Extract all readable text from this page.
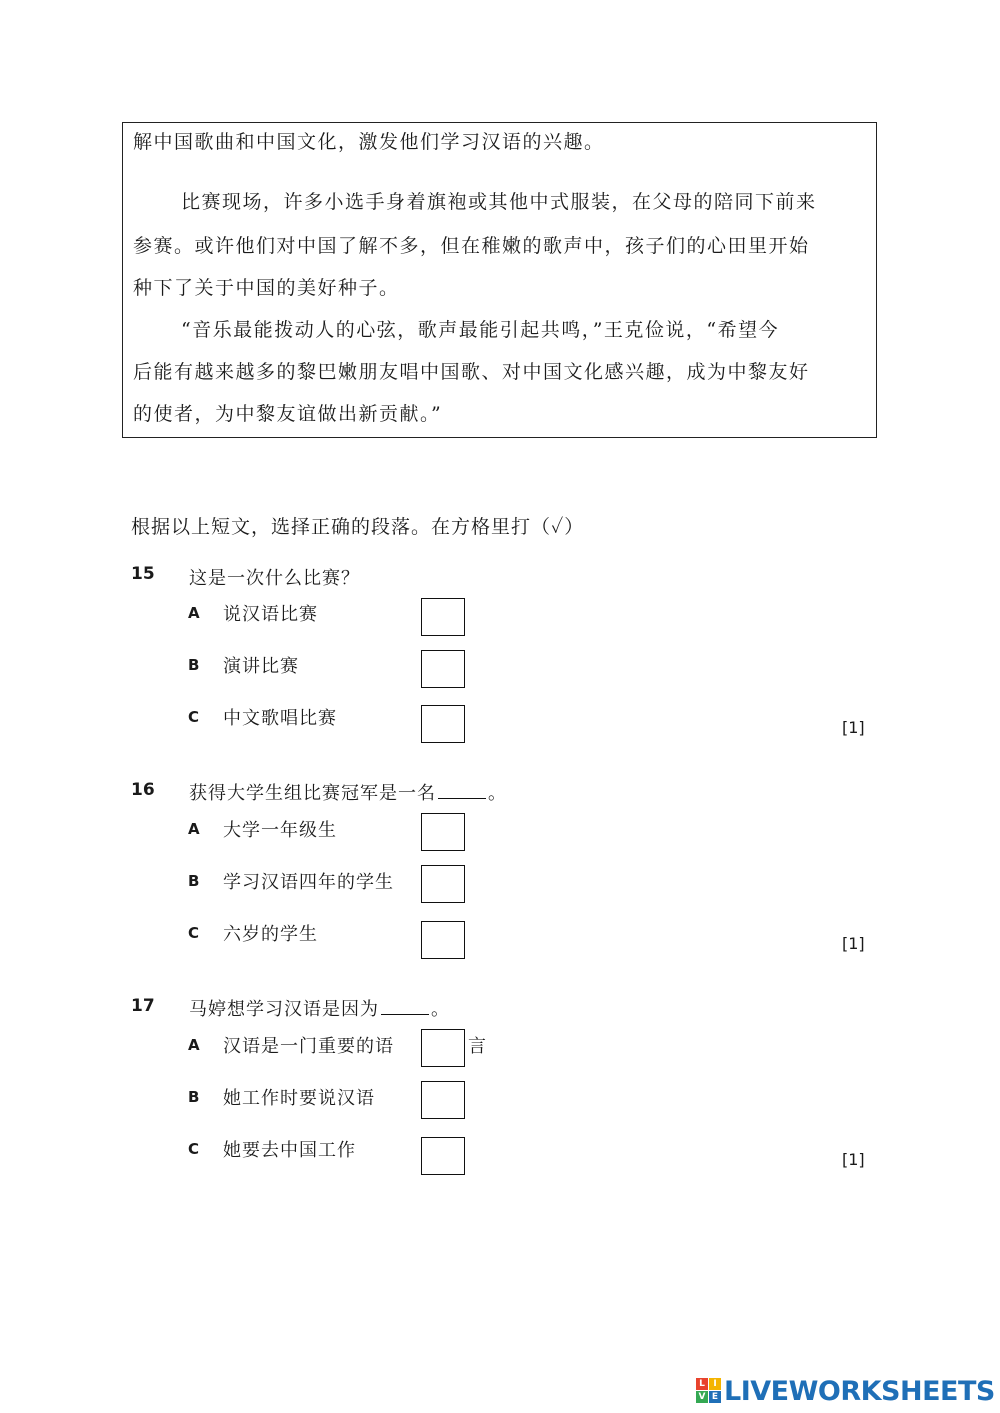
解中国歌曲和中国文化，激发他们学习汉语的兴趣。
比赛现场，许多小选手身着旗袍或其他中式服装，在父母的陪同下前来
参赛。或许他们对中国了解不多，但在稚嫩的歌声中，孩子们的心田里开始
种下了关于中国的美好种子。
“音乐最能拨动人的心弦，歌声最能引起共鸣，”王克俭说，“希望今
后能有越来越多的黎巴嫩朋友唱中国歌、对中国文化感兴趣，成为中黎友好
的使者，为中黎友谊做出新贡献。”
根据以上短文，选择正确的段落。在方格里打（✓）
15 这是一次什么比赛？
A 说汉语比赛
B 演讲比赛
C 中文歌唱比赛	[1]
16 获得大学生组比赛冠军是一名	。
A 大学一年级生
B 学习汉语四年的学生
C 六岁的学生	[1]
17 马婷想学习汉语是因为	。
A 汉语是一门重要的语	言
B 她工作时要说汉语
C 她要去中国工作	[1]
L I
V E LIVEWORKSHEETS
